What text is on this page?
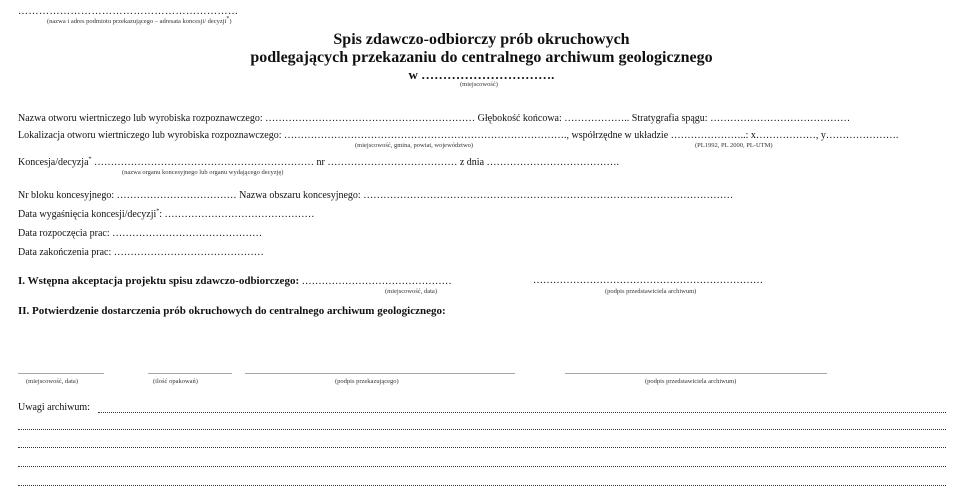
………………………………………………………
(nazwa i adres podmiotu przekazującego – adresata koncesji/ decyzji*)
Spis zdawczo-odbiorczy prób okruchowych
podlegających przekazaniu do centralnego archiwum geologicznego
w ………………………….
(miejscowość)
Nazwa otworu wiertniczego lub wyrobiska rozpoznawczego: ……………………………………………………… Głębokość końcowa: ……………….. Stratygrafia spągu: ……………………………………
Lokalizacja otworu wiertniczego lub wyrobiska rozpoznawczego: …………………………………………………………………………., współrzędne w układzie …………………..: x………………, y………………….
(miejscowość, gmina, powiat, województwo)	(PL1992, PL 2000, PL-UTM)
Koncesja/decyzja* ………………………………………………………… nr ………………………………… z dnia ………………………………….
(nazwa organu koncesyjnego lub organu wydającego decyzję)
Nr bloku koncesyjnego: ……………………………… Nazwa obszaru koncesyjnego: …………………………………………………………………………………………………
Data wygaśnięcia koncesji/decyzji*: ………………………………………
Data rozpoczęcia prac: ………………………………………
Data zakończenia prac: ………………………………………
I. Wstępna akceptacja projektu spisu zdawczo-odbiorczego: ………………………………………	……………………………………………………………
(miejscowość, data)	(podpis przedstawiciela archiwum)
II. Potwierdzenie dostarczenia prób okruchowych do centralnego archiwum geologicznego:
...........................................	.......................................... .......................................................................................................................................	...................................................................................................................................
(miejscowość, data)	(ilość opakowań)	(podpis przekazującego)	(podpis przedstawiciela archiwum)
Uwagi archiwum:
